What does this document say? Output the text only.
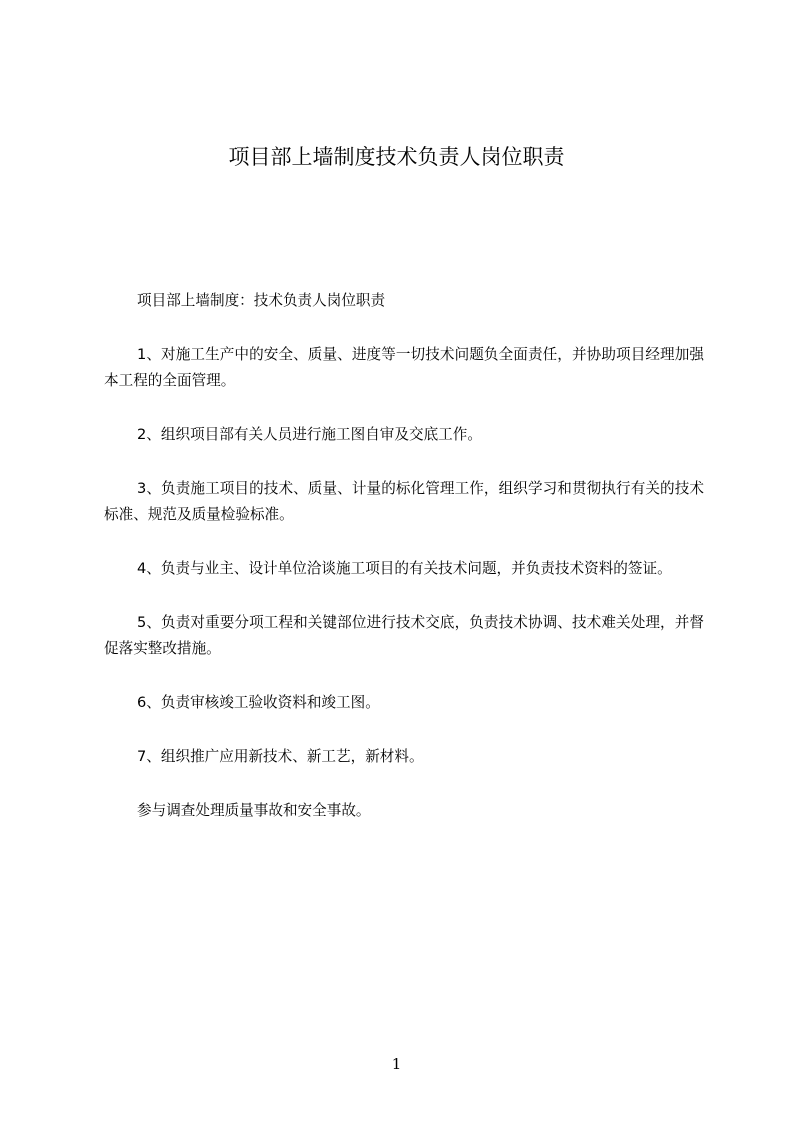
项目部上墙制度技术负责人岗位职责

项目部上墙制度：技术负责人岗位职责

1、对施工生产中的安全、质量、进度等一切技术问题负全面责任，并协助项目经理加强本工程的全面管理。

2、组织项目部有关人员进行施工图自审及交底工作。

3、负责施工项目的技术、质量、计量的标化管理工作，组织学习和贯彻执行有关的技术标准、规范及质量检验标准。

4、负责与业主、设计单位洽谈施工项目的有关技术问题，并负责技术资料的签证。

5、负责对重要分项工程和关键部位进行技术交底，负责技术协调、技术难关处理，并督促落实整改措施。

6、负责审核竣工验收资料和竣工图。

7、组织推广应用新技术、新工艺，新材料。

参与调查处理质量事故和安全事故。

1
